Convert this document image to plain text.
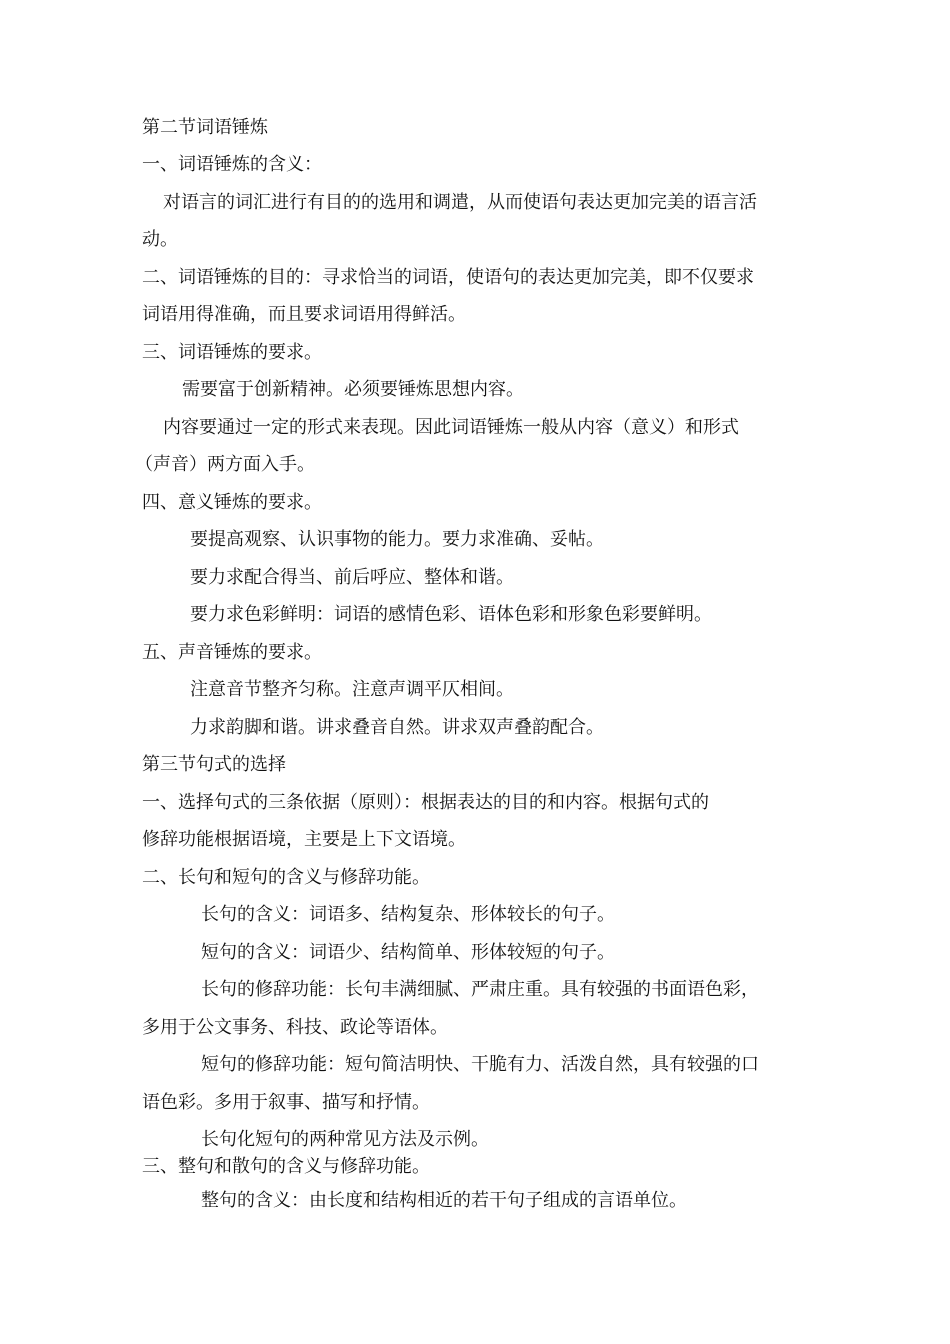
第二节词语锤炼
一、词语锤炼的含义：
对语言的词汇进行有目的的选用和调遣，从而使语句表达更加完美的语言活
动。
二、词语锤炼的目的：寻求恰当的词语，使语句的表达更加完美，即不仅要求
词语用得准确，而且要求词语用得鲜活。
三、词语锤炼的要求。
需要富于创新精神。必须要锤炼思想内容。
内容要通过一定的形式来表现。因此词语锤炼一般从内容（意义）和形式
（声音）两方面入手。
四、意义锤炼的要求。
要提高观察、认识事物的能力。要力求准确、妥帖。
要力求配合得当、前后呼应、整体和谐。
要力求色彩鲜明：词语的感情色彩、语体色彩和形象色彩要鲜明。
五、声音锤炼的要求。
注意音节整齐匀称。注意声调平仄相间。
力求韵脚和谐。讲求叠音自然。讲求双声叠韵配合。
第三节句式的选择
一、选择句式的三条依据（原则）：根据表达的目的和内容。根据句式的
修辞功能根据语境，主要是上下文语境。
二、长句和短句的含义与修辞功能。
长句的含义：词语多、结构复杂、形体较长的句子。
短句的含义：词语少、结构简单、形体较短的句子。
长句的修辞功能：长句丰满细腻、严肃庄重。具有较强的书面语色彩，
多用于公文事务、科技、政论等语体。
短句的修辞功能：短句简洁明快、干脆有力、活泼自然，具有较强的口
语色彩。多用于叙事、描写和抒情。
长句化短句的两种常见方法及示例。
三、整句和散句的含义与修辞功能。
整句的含义：由长度和结构相近的若干句子组成的言语单位。
